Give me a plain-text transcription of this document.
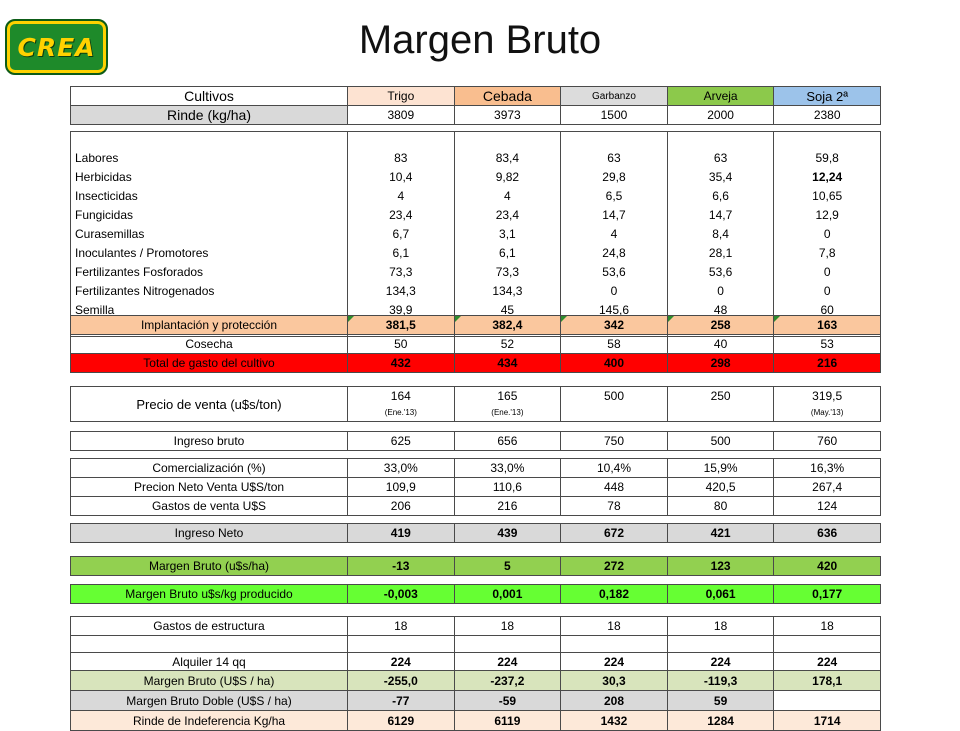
CREA	Margen Bruto
Cultivos	Trigo	Cebada	Garbanzo	Arveja	Soja 2ª
Rinde (kg/ha)	3809	3973	1500	2000	2380

Labores	83	83,4	63	63	59,8
Herbicidas	10,4	9,82	29,8	35,4	12,24
Insecticidas	4	4	6,5	6,6	10,65
Fungicidas	23,4	23,4	14,7	14,7	12,9
Curasemillas	6,7	3,1	4	8,4	0
Inoculantes / Promotores	6,1	6,1	24,8	28,1	7,8
Fertilizantes Fosforados	73,3	73,3	53,6	53,6	0
Fertilizantes Nitrogenados	134,3	134,3	0	0	0
Semilla	39,9	45	145,6	48	60

Implantación y protección	381,5	382,4	342	258	163
Cosecha	50	52	58	40	53
Total de gasto del cultivo	432	434	400	298	216
Precio de venta (u$s/ton)	164	165	500	250	319,5
	(Ene.'13)	(Ene.'13)			(May.'13)
Ingreso bruto	625	656	750	500	760
Comercialización (%)	33,0%	33,0%	10,4%	15,9%	16,3%
Precion Neto Venta U$S/ton	109,9	110,6	448	420,5	267,4
Gastos de venta U$S	206	216	78	80	124
Ingreso Neto	419	439	672	421	636
Margen Bruto (u$s/ha)	-13	5	272	123	420
Margen Bruto u$s/kg producido	-0,003	0,001	0,182	0,061	0,177
Gastos de estructura	18	18	18	18	18

Alquiler 14 qq	224	224	224	224	224
Margen Bruto (U$S / ha)	-255,0	-237,2	30,3	-119,3	178,1
Margen Bruto Doble (U$S / ha)	-77	-59	208	59	
Rinde de Indeferencia Kg/ha	6129	6119	1432	1284	1714
